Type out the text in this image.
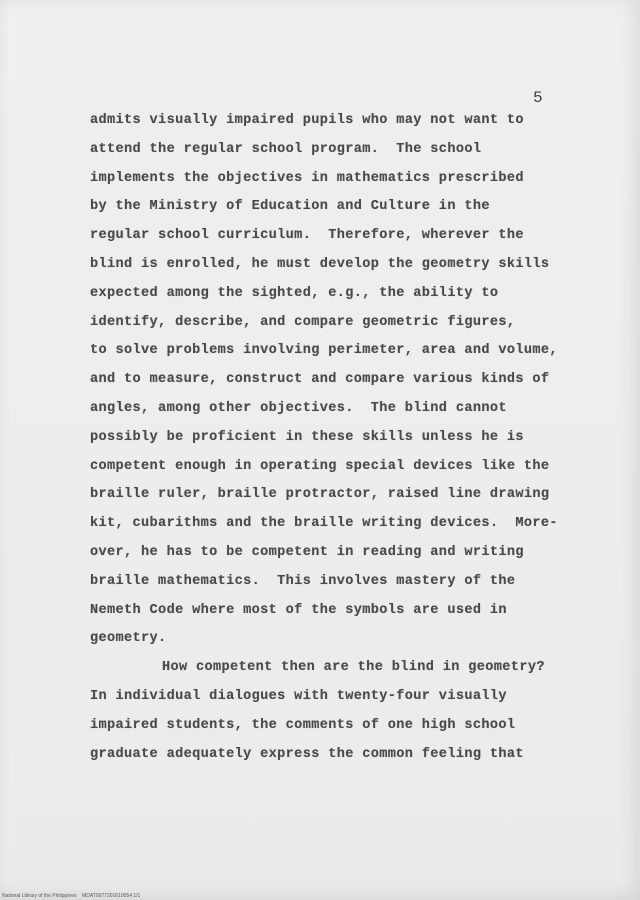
5
admits visually impaired pupils who may not want to
attend the regular school program.  The school
implements the objectives in mathematics prescribed
by the Ministry of Education and Culture in the
regular school curriculum.  Therefore, wherever the
blind is enrolled, he must develop the geometry skills
expected among the sighted, e.g., the ability to
identify, describe, and compare geometric figures,
to solve problems involving perimeter, area and volume,
and to measure, construct and compare various kinds of
angles, among other objectives.  The blind cannot
possibly be proficient in these skills unless he is
competent enough in operating special devices like the
braille ruler, braille protractor, raised line drawing
kit, cubarithms and the braille writing devices.  More-
over, he has to be competent in reading and writing
braille mathematics.  This involves mastery of the
Nemeth Code where most of the symbols are used in
geometry.
How competent then are the blind in geometry?
In individual dialogues with twenty-four visually
impaired students, the comments of one high school
graduate adequately express the common feeling that
National Library of the Philippines    MDAT0077201610054 1/1
